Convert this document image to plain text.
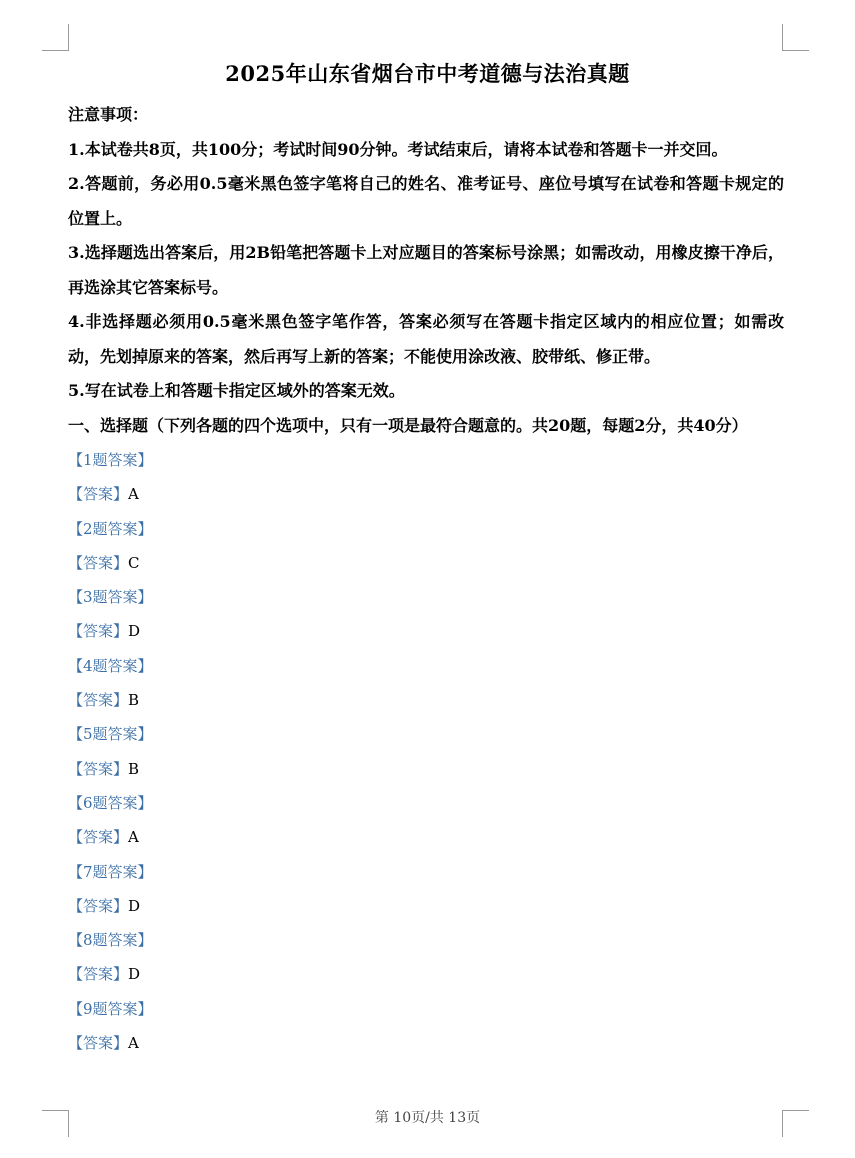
2025年山东省烟台市中考道德与法治真题
注意事项：
1.本试卷共8页，共100分；考试时间90分钟。考试结束后，请将本试卷和答题卡一并交回。
2.答题前，务必用0.5毫米黑色签字笔将自己的姓名、准考证号、座位号填写在试卷和答题卡规定的位置上。
3.选择题选出答案后，用2B铅笔把答题卡上对应题目的答案标号涂黑；如需改动，用橡皮擦干净后，再选涂其它答案标号。
4.非选择题必须用0.5毫米黑色签字笔作答，答案必须写在答题卡指定区域内的相应位置；如需改动，先划掉原来的答案，然后再写上新的答案；不能使用涂改液、胶带纸、修正带。
5.写在试卷上和答题卡指定区域外的答案无效。
一、选择题（下列各题的四个选项中，只有一项是最符合题意的。共20题，每题2分，共40分）
【1题答案】
【答案】A
【2题答案】
【答案】C
【3题答案】
【答案】D
【4题答案】
【答案】B
【5题答案】
【答案】B
【6题答案】
【答案】A
【7题答案】
【答案】D
【8题答案】
【答案】D
【9题答案】
【答案】A
第 10页/共 13页
